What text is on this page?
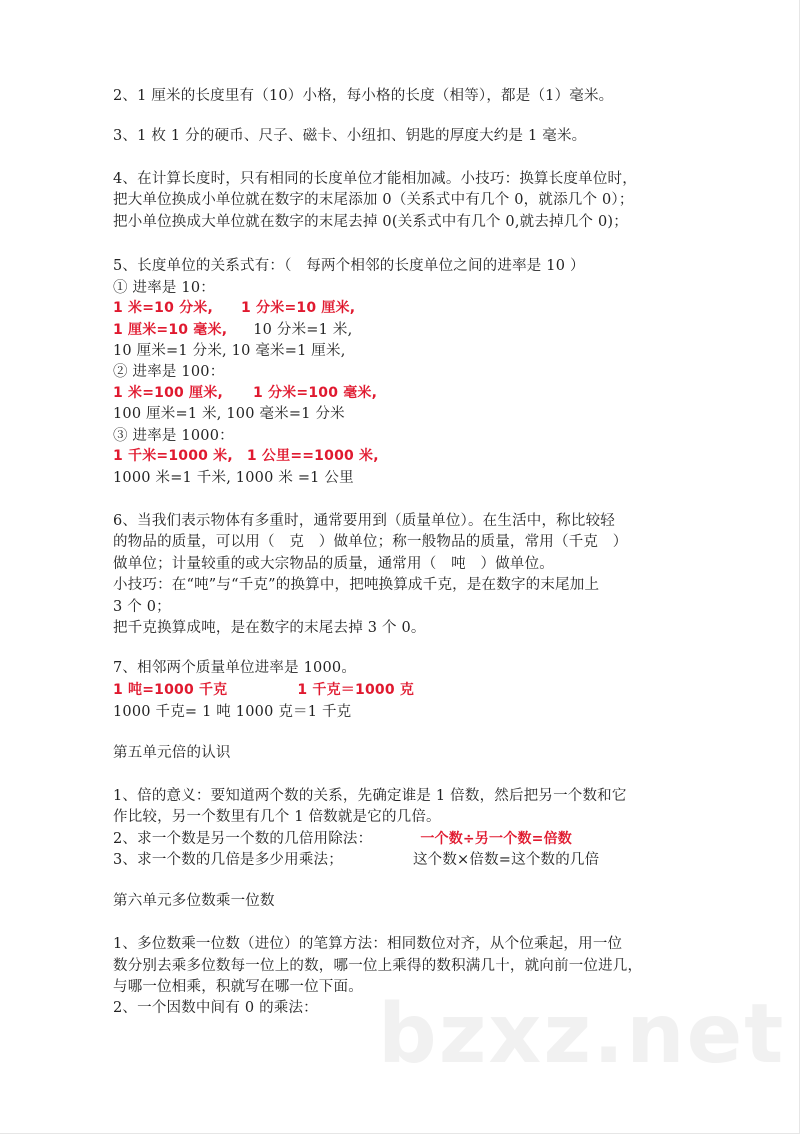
2、1 厘米的长度里有（10）小格，每小格的长度（相等），都是（1）毫米。
3、1 枚 1 分的硬币、尺子、磁卡、小纽扣、钥匙的厚度大约是 1 毫米。
4、在计算长度时，只有相同的长度单位才能相加减。小技巧：换算长度单位时，
把大单位换成小单位就在数字的末尾添加 0（关系式中有几个 0，就添几个 0）；
把小单位换成大单位就在数字的末尾去掉 0(关系式中有几个 0,就去掉几个 0)；
5、长度单位的关系式有：（　每两个相邻的长度单位之间的进率是 10 ）
① 进率是 10：
1 米=10 分米, 1 分米=10 厘米,
1 厘米=10 毫米, 10 分米=1 米,
10 厘米=1 分米, 10 毫米=1 厘米,
② 进率是 100：
1 米=100 厘米, 1 分米=100 毫米,
100 厘米=1 米, 100 毫米=1 分米
③ 进率是 1000：
1 千米=1000 米, 1 公里==1000 米,
1000 米=1 千米, 1000 米 =1 公里
6、当我们表示物体有多重时，通常要用到（质量单位）。在生活中，称比较轻
的物品的质量，可以用（　克　）做单位；称一般物品的质量，常用（千克　）
做单位；计量较重的或大宗物品的质量，通常用（　吨　）做单位。
小技巧：在“吨”与“千克”的换算中，把吨换算成千克，是在数字的末尾加上
3 个 0；
把千克换算成吨，是在数字的末尾去掉 3 个 0。
7、相邻两个质量单位进率是 1000。
1 吨=1000 千克	1 千克＝1000 克
1000 千克= 1 吨 1000 克＝1 千克
第五单元倍的认识
1、倍的意义：要知道两个数的关系，先确定谁是 1 倍数，然后把另一个数和它
作比较，另一个数里有几个 1 倍数就是它的几倍。
2、求一个数是另一个数的几倍用除法：	一个数÷另一个数=倍数
3、求一个数的几倍是多少用乘法；	这个数×倍数=这个数的几倍
第六单元多位数乘一位数
1、多位数乘一位数（进位）的笔算方法：相同数位对齐，从个位乘起，用一位
数分别去乘多位数每一位上的数，哪一位上乘得的数积满几十，就向前一位进几，
与哪一位相乘，积就写在哪一位下面。
2、一个因数中间有 0 的乘法： bzxz.net
